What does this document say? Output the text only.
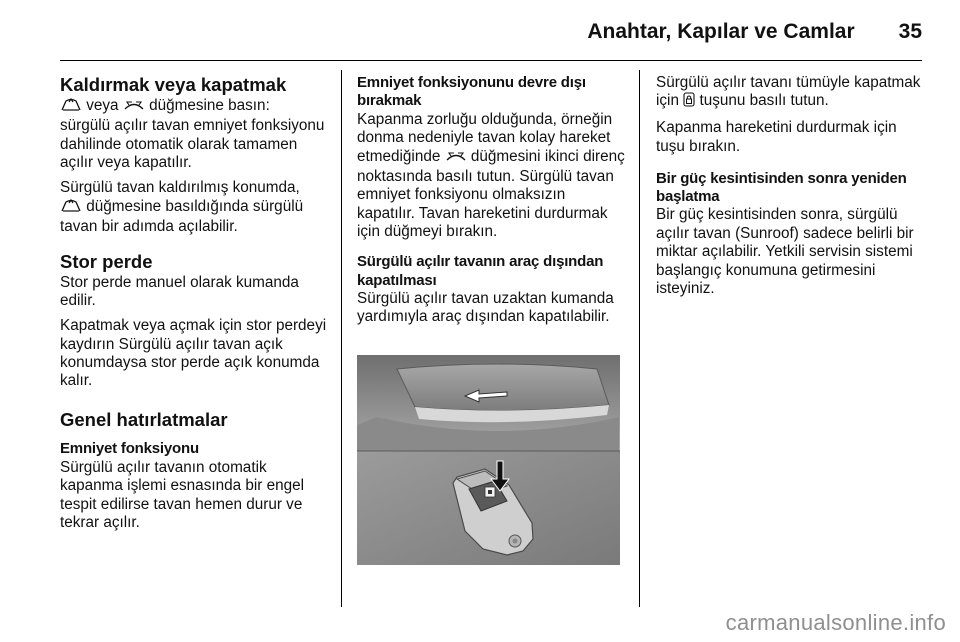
Anahtar, Kapılar ve Camlar 35
Kaldırmak veya kapatmak

veya düğmesine basın:
sürgülü açılır tavan emniyet fonksiyonu dahilinde otomatik olarak tamamen açılır veya kapatılır.

Sürgülü tavan kaldırılmış konumda,
düğmesine basıldığında sürgülü tavan bir adımda açılabilir.

Stor perde

Stor perde manuel olarak kumanda edilir.

Kapatmak veya açmak için stor perdeyi kaydırın Sürgülü açılır tavan açık konumdaysa stor perde açık konumda kalır.

Genel hatırlatmalar
Emniyet fonksiyonu

Sürgülü açılır tavanın otomatik kapanma işlemi esnasında bir engel tespit edilirse tavan hemen durur ve tekrar açılır.

Emniyet fonksiyonunu devre dışı bırakmak

Kapanma zorluğu olduğunda, örneğin donma nedeniyle tavan kolay hareket etmediğinde düğmesini ikinci direnç noktasında basılı tutun. Sürgülü tavan emniyet fonksiyonu olmaksızın kapatılır. Tavan hareketini durdurmak için düğmeyi bırakın.

Sürgülü açılır tavanın araç dışından kapatılması

Sürgülü açılır tavan uzaktan kumanda yardımıyla araç dışından kapatılabilir.

Sürgülü açılır tavanı tümüyle kapatmak için tuşunu basılı tutun.

Kapanma hareketini durdurmak için tuşu bırakın.

Bir güç kesintisinden sonra yeniden başlatma

Bir güç kesintisinden sonra, sürgülü açılır tavan (Sunroof) sadece belirli bir miktar açılabilir. Yetkili servisin sistemi başlangıç konumuna getirmesini isteyiniz.

carmanualsonline.info
